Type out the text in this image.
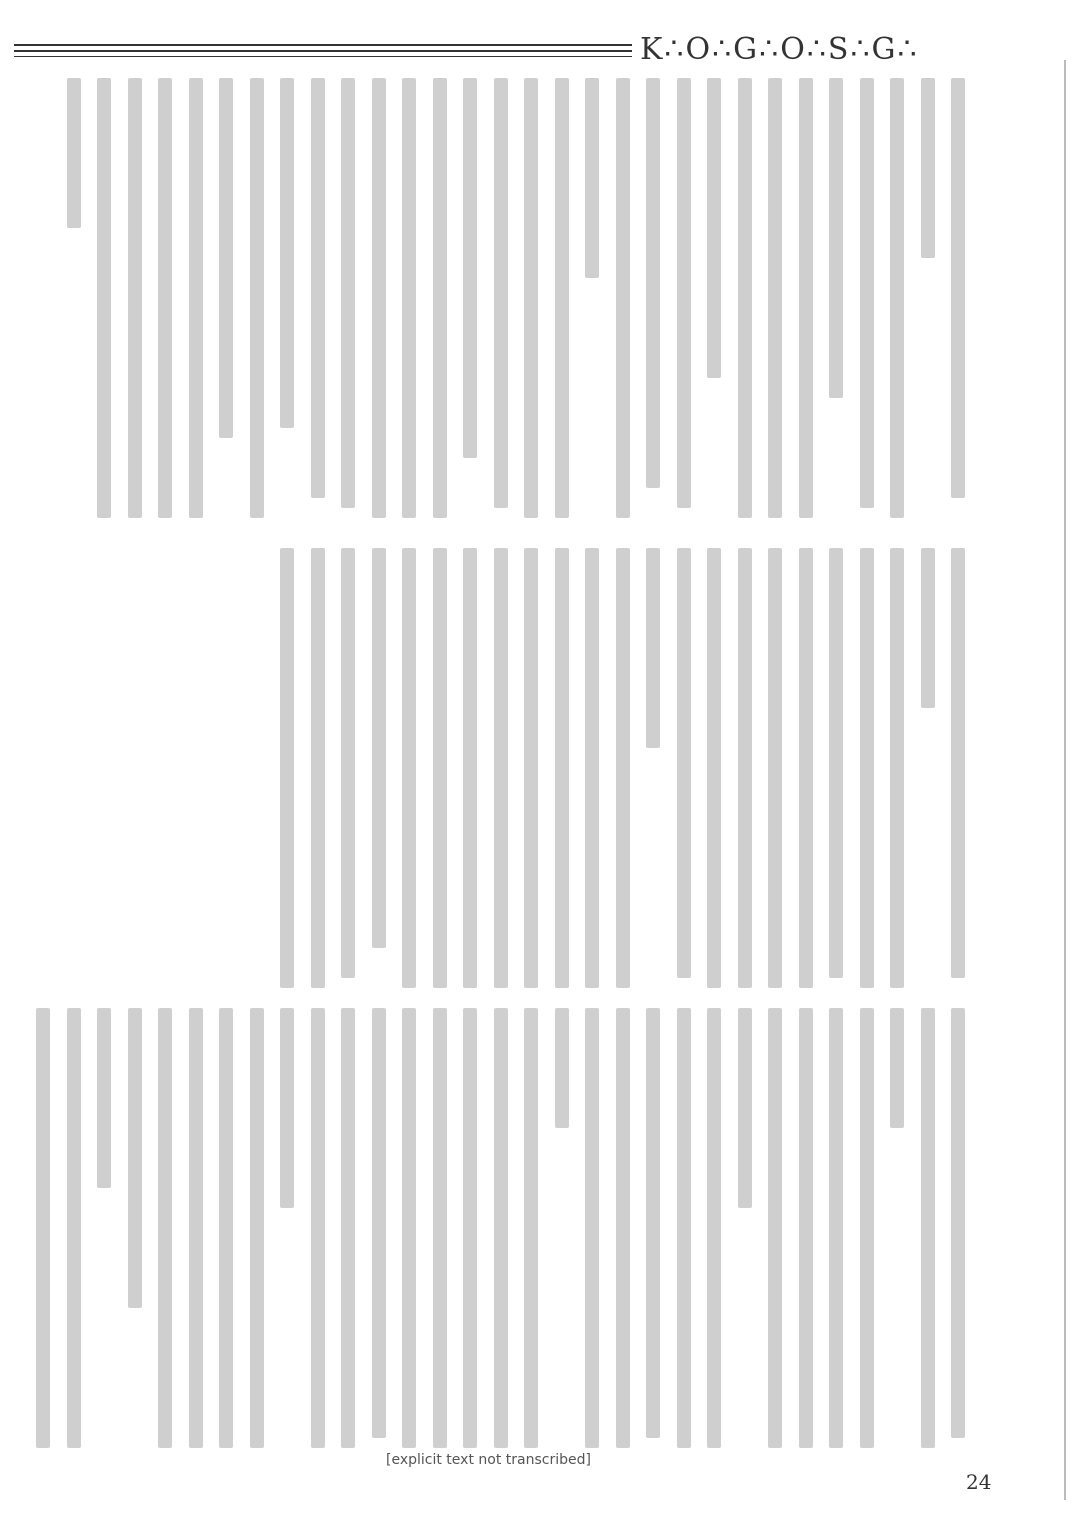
K∴O∴G∴O∴S∴G∴
[explicit text not transcribed]
24
